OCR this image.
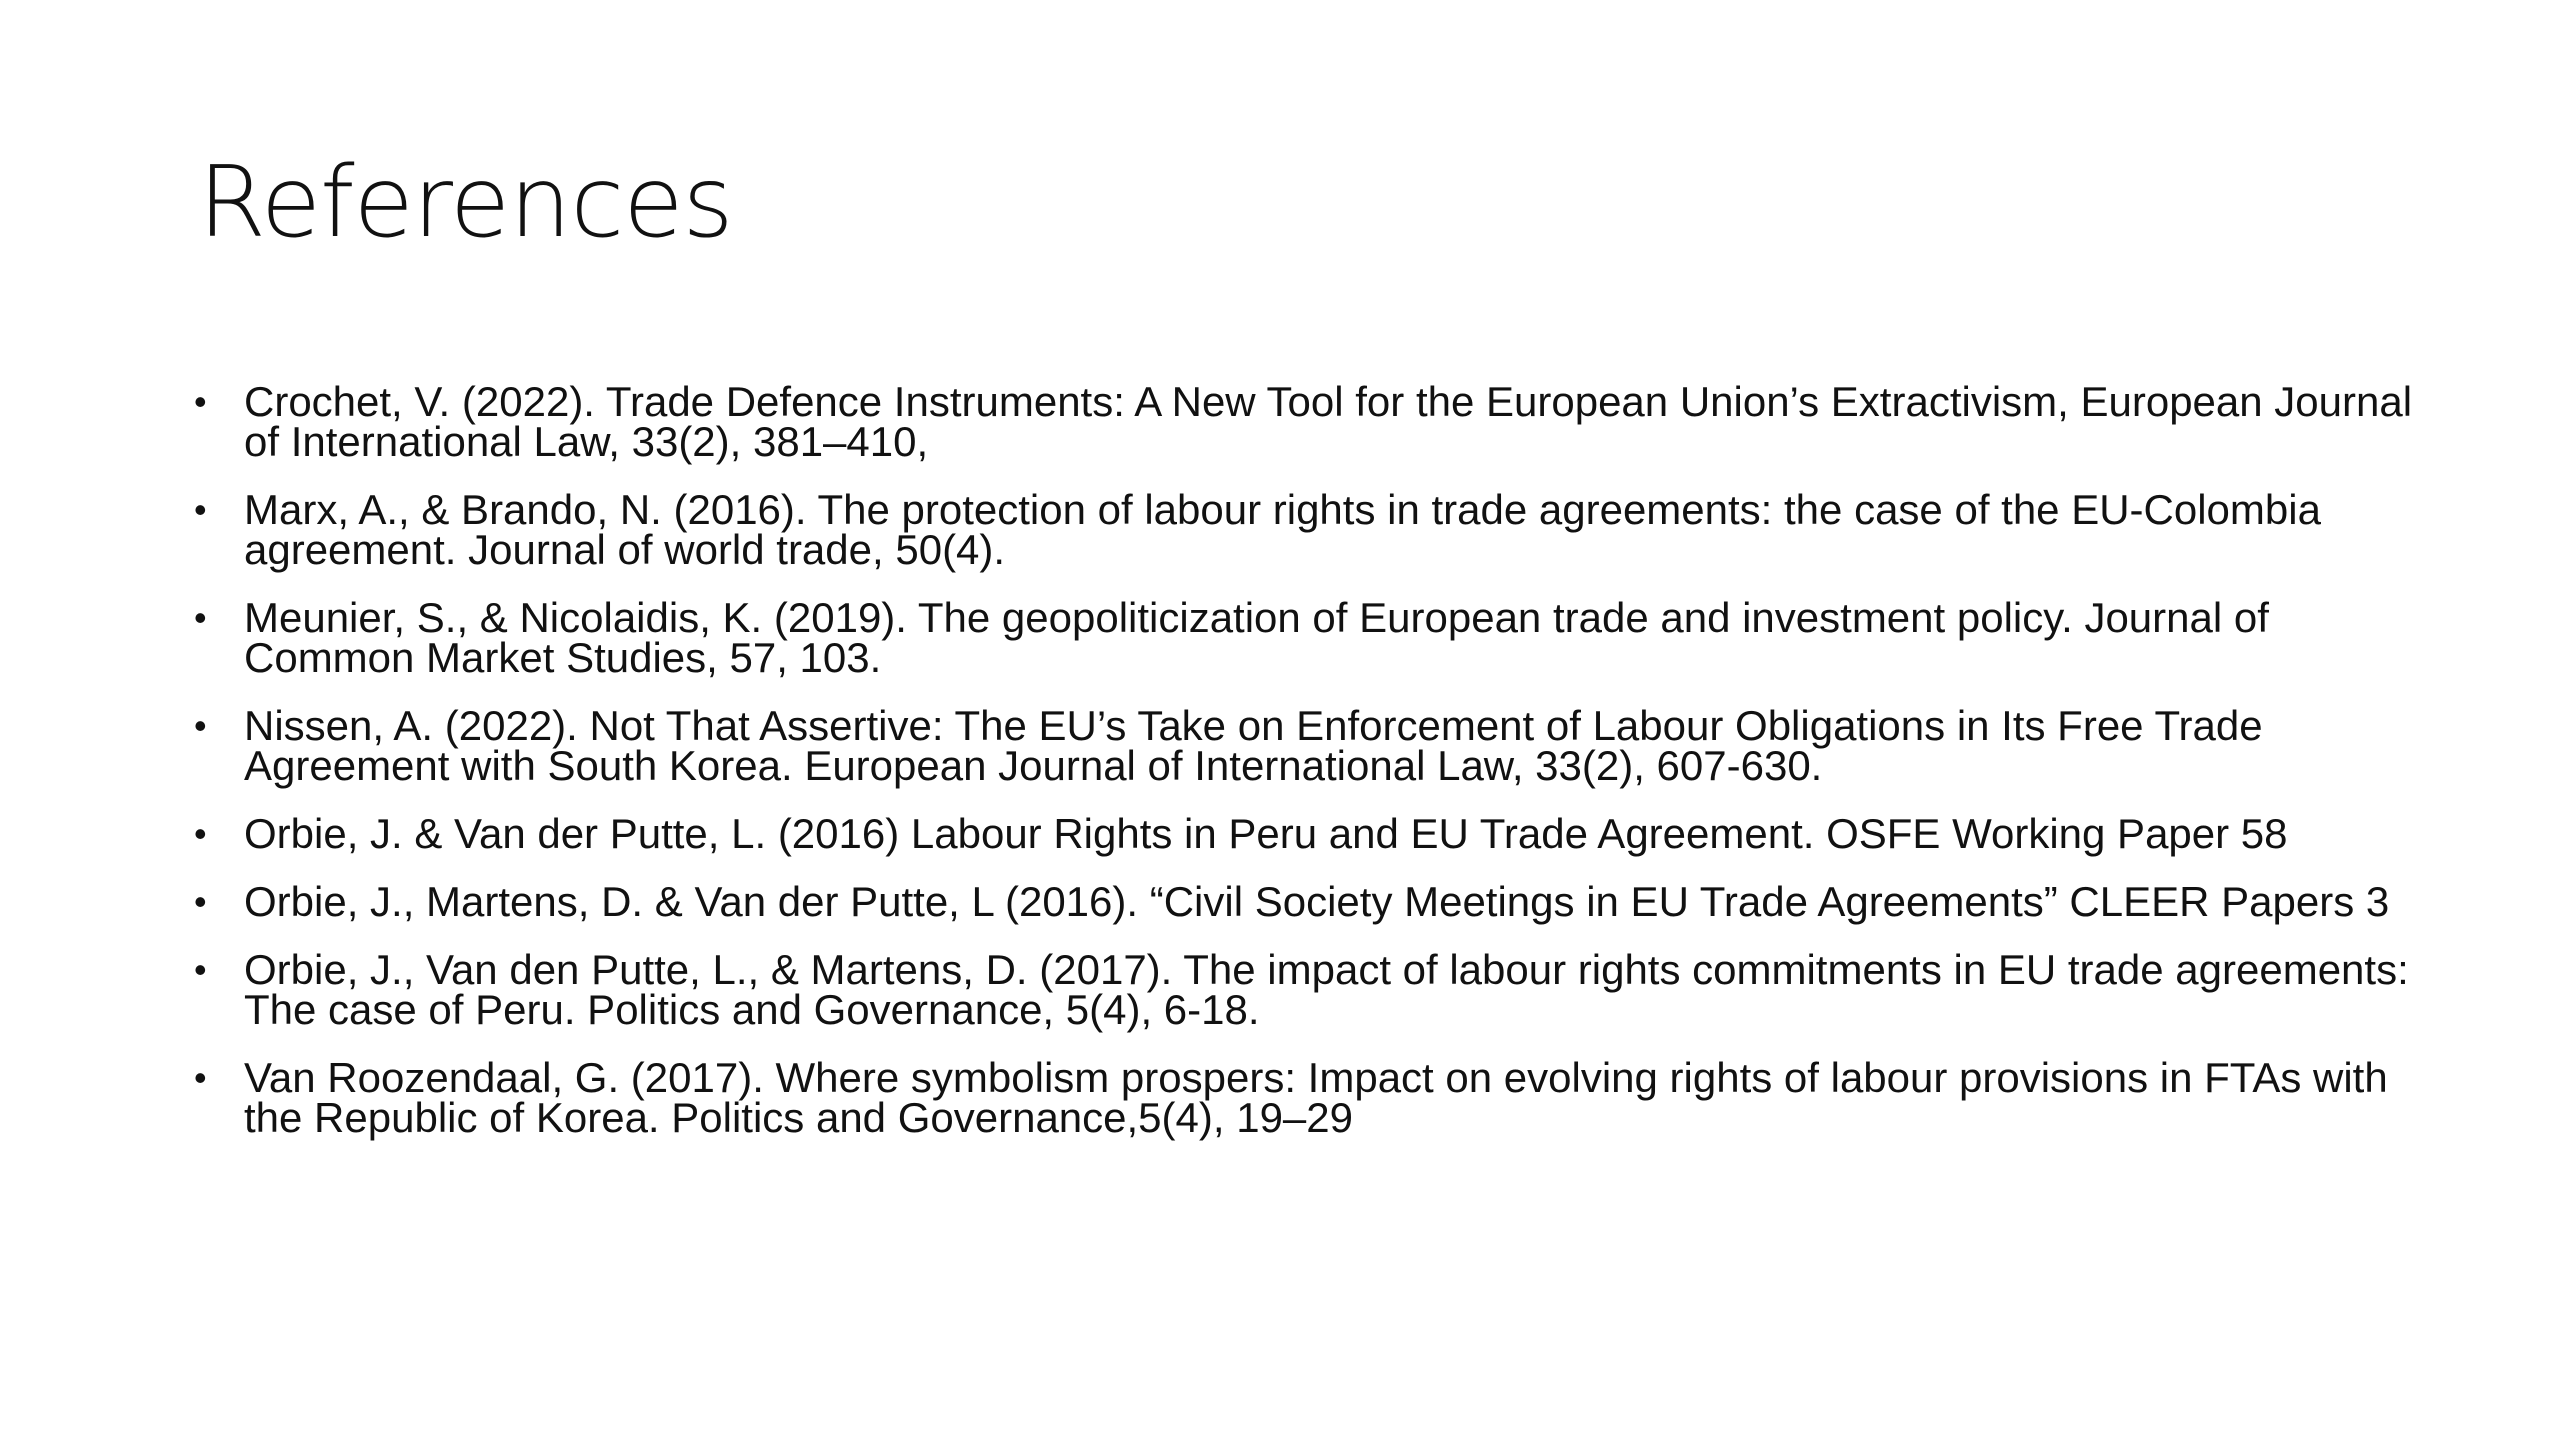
References
• Crochet, V. (2022). Trade Defence Instruments: A New Tool for the European Union’s Extractivism, European Journal of International Law, 33(2), 381–410,
• Marx, A., & Brando, N. (2016). The protection of labour rights in trade agreements: the case of the EU-Colombia agreement. Journal of world trade, 50(4).
• Meunier, S., & Nicolaidis, K. (2019). The geopoliticization of European trade and investment policy. Journal of Common Market Studies, 57, 103.
• Nissen, A. (2022). Not That Assertive: The EU’s Take on Enforcement of Labour Obligations in Its Free Trade Agreement with South Korea. European Journal of International Law, 33(2), 607-630.
• Orbie, J. & Van der Putte, L. (2016) Labour Rights in Peru and EU Trade Agreement. OSFE Working Paper 58
• Orbie, J., Martens, D. & Van der Putte, L (2016). “Civil Society Meetings in EU Trade Agreements” CLEER Papers 3
• Orbie, J., Van den Putte, L., & Martens, D. (2017). The impact of labour rights commitments in EU trade agreements: The case of Peru. Politics and Governance, 5(4), 6-18.
• Van Roozendaal, G. (2017). Where symbolism prospers: Impact on evolving rights of labour provisions in FTAs with the Republic of Korea. Politics and Governance,5(4), 19–29
